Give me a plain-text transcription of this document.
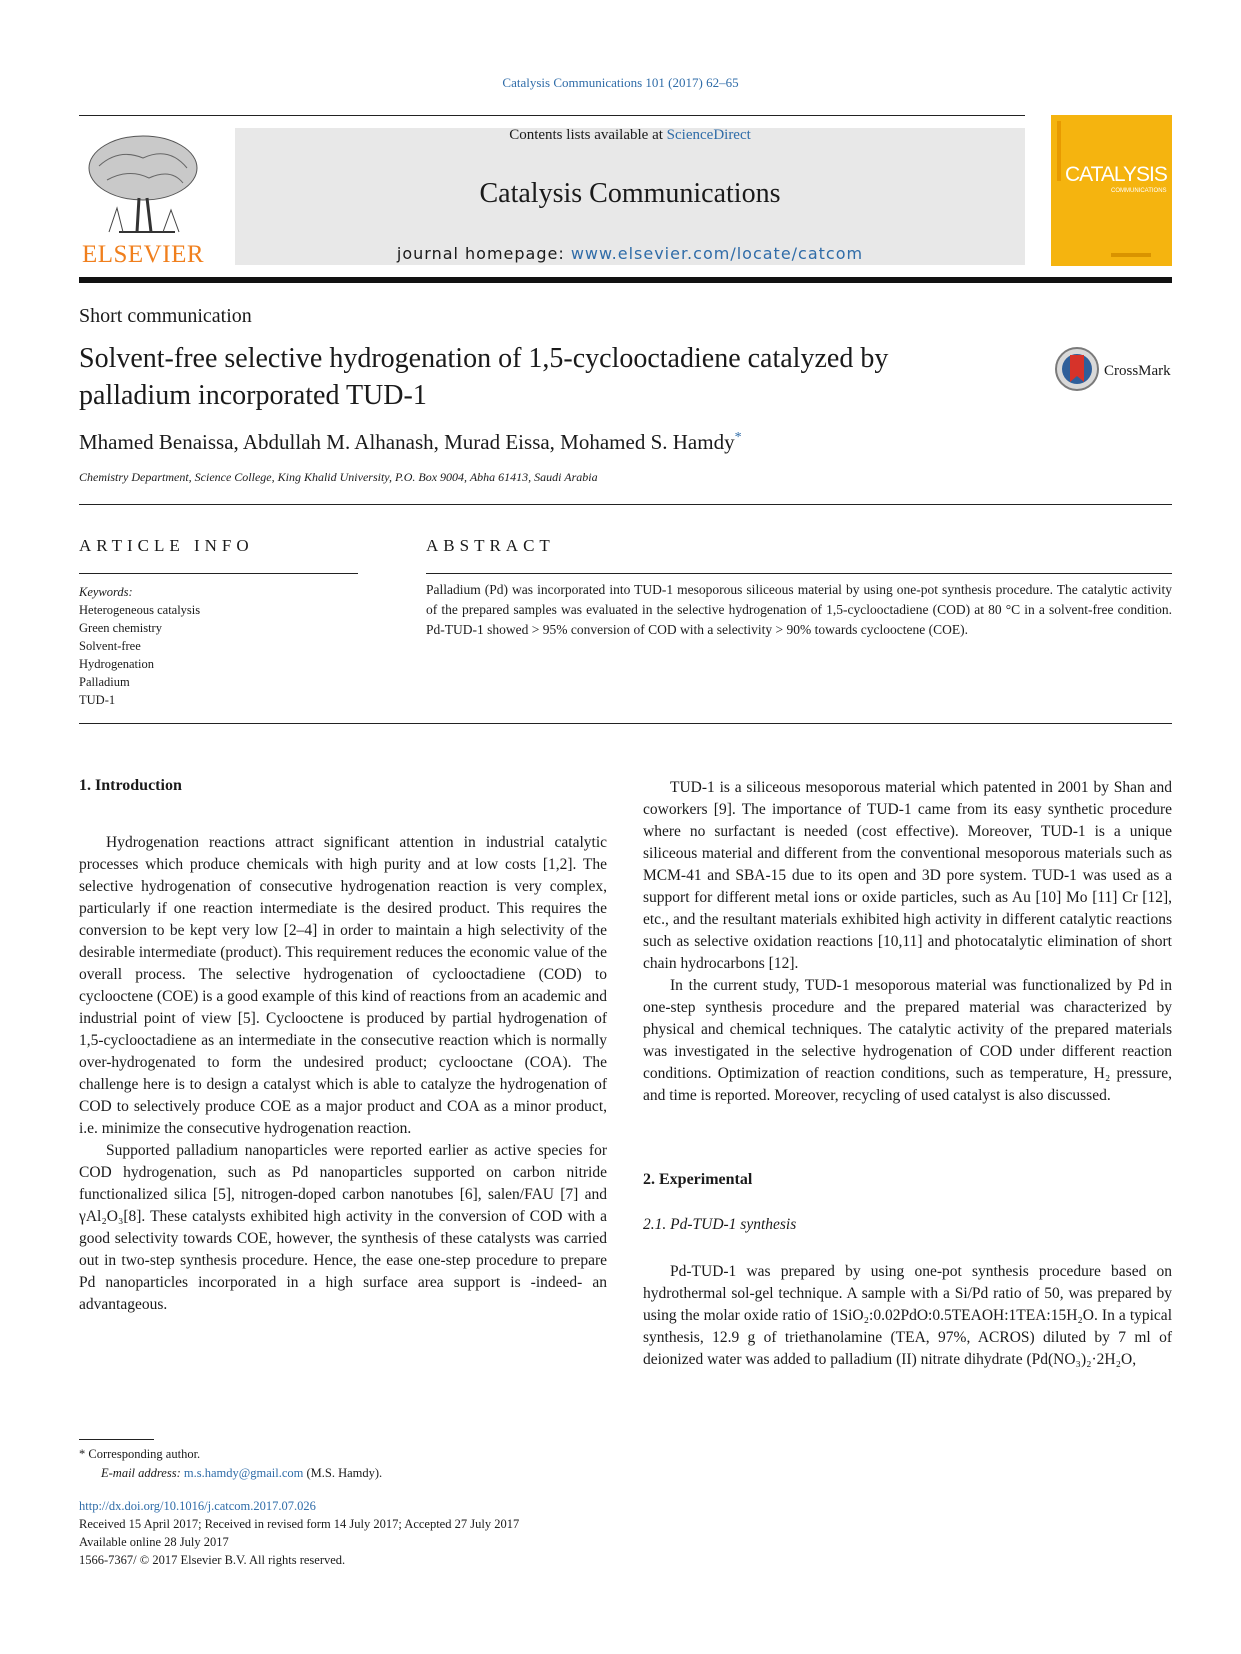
Catalysis Communications 101 (2017) 62–65
ELSEVIER
Contents lists available at ScienceDirect
Catalysis Communications
journal homepage: www.elsevier.com/locate/catcom
CATALYSIS
COMMUNICATIONS
Short communication
Solvent-free selective hydrogenation of 1,5-cyclooctadiene catalyzed by palladium incorporated TUD-1
CrossMark
Mhamed Benaissa, Abdullah M. Alhanash, Murad Eissa, Mohamed S. Hamdy*
Chemistry Department, Science College, King Khalid University, P.O. Box 9004, Abha 61413, Saudi Arabia
ARTICLE INFO	ABSTRACT
Keywords:
Heterogeneous catalysis
Green chemistry
Solvent-free
Hydrogenation
Palladium
TUD-1
Palladium (Pd) was incorporated into TUD-1 mesoporous siliceous material by using one-pot synthesis procedure. The catalytic activity of the prepared samples was evaluated in the selective hydrogenation of 1,5-cyclooctadiene (COD) at 80 °C in a solvent-free condition. Pd-TUD-1 showed > 95% conversion of COD with a selectivity > 90% towards cyclooctene (COE).
1. Introduction

Hydrogenation reactions attract significant attention in industrial catalytic processes which produce chemicals with high purity and at low costs [1,2]. The selective hydrogenation of consecutive hydrogenation reaction is very complex, particularly if one reaction intermediate is the desired product. This requires the conversion to be kept very low [2–4] in order to maintain a high selectivity of the desirable intermediate (product). This requirement reduces the economic value of the overall process. The selective hydrogenation of cyclooctadiene (COD) to cyclooctene (COE) is a good example of this kind of reactions from an academic and industrial point of view [5]. Cyclooctene is produced by partial hydrogenation of 1,5-cyclooctadiene as an intermediate in the consecutive reaction which is normally over-hydrogenated to form the undesired product; cyclooctane (COA). The challenge here is to design a catalyst which is able to catalyze the hydrogenation of COD to selectively produce COE as a major product and COA as a minor product, i.e. minimize the consecutive hydrogenation reaction.

Supported palladium nanoparticles were reported earlier as active species for COD hydrogenation, such as Pd nanoparticles supported on carbon nitride functionalized silica [5], nitrogen-doped carbon nanotubes [6], salen/FAU [7] and γAl₂O₃[8]. These catalysts exhibited high activity in the conversion of COD with a good selectivity towards COE, however, the synthesis of these catalysts was carried out in two-step synthesis procedure. Hence, the ease one-step procedure to prepare Pd nanoparticles incorporated in a high surface area support is -indeed- an advantageous.

TUD-1 is a siliceous mesoporous material which patented in 2001 by Shan and coworkers [9]. The importance of TUD-1 came from its easy synthetic procedure where no surfactant is needed (cost effective). Moreover, TUD-1 is a unique siliceous material and different from the conventional mesoporous materials such as MCM-41 and SBA-15 due to its open and 3D pore system. TUD-1 was used as a support for different metal ions or oxide particles, such as Au [10] Mo [11] Cr [12], etc., and the resultant materials exhibited high activity in different catalytic reactions such as selective oxidation reactions [10,11] and photocatalytic elimination of short chain hydrocarbons [12].

In the current study, TUD-1 mesoporous material was functionalized by Pd in one-step synthesis procedure and the prepared material was characterized by physical and chemical techniques. The catalytic activity of the prepared materials was investigated in the selective hydrogenation of COD under different reaction conditions. Optimization of reaction conditions, such as temperature, H₂ pressure, and time is reported. Moreover, recycling of used catalyst is also discussed.

2. Experimental
2.1. Pd-TUD-1 synthesis

Pd-TUD-1 was prepared by using one-pot synthesis procedure based on hydrothermal sol-gel technique. A sample with a Si/Pd ratio of 50, was prepared by using the molar oxide ratio of 1SiO₂:0.02PdO:0.5TEAOH:1TEA:15H₂O. In a typical synthesis, 12.9 g of triethanolamine (TEA, 97%, ACROS) diluted by 7 ml of deionized water was added to palladium (II) nitrate dihydrate (Pd(NO₃)₂·2H₂O,

* Corresponding author.
E-mail address: m.s.hamdy@gmail.com (M.S. Hamdy).
http://dx.doi.org/10.1016/j.catcom.2017.07.026
Received 15 April 2017; Received in revised form 14 July 2017; Accepted 27 July 2017
Available online 28 July 2017
1566-7367/ © 2017 Elsevier B.V. All rights reserved.
